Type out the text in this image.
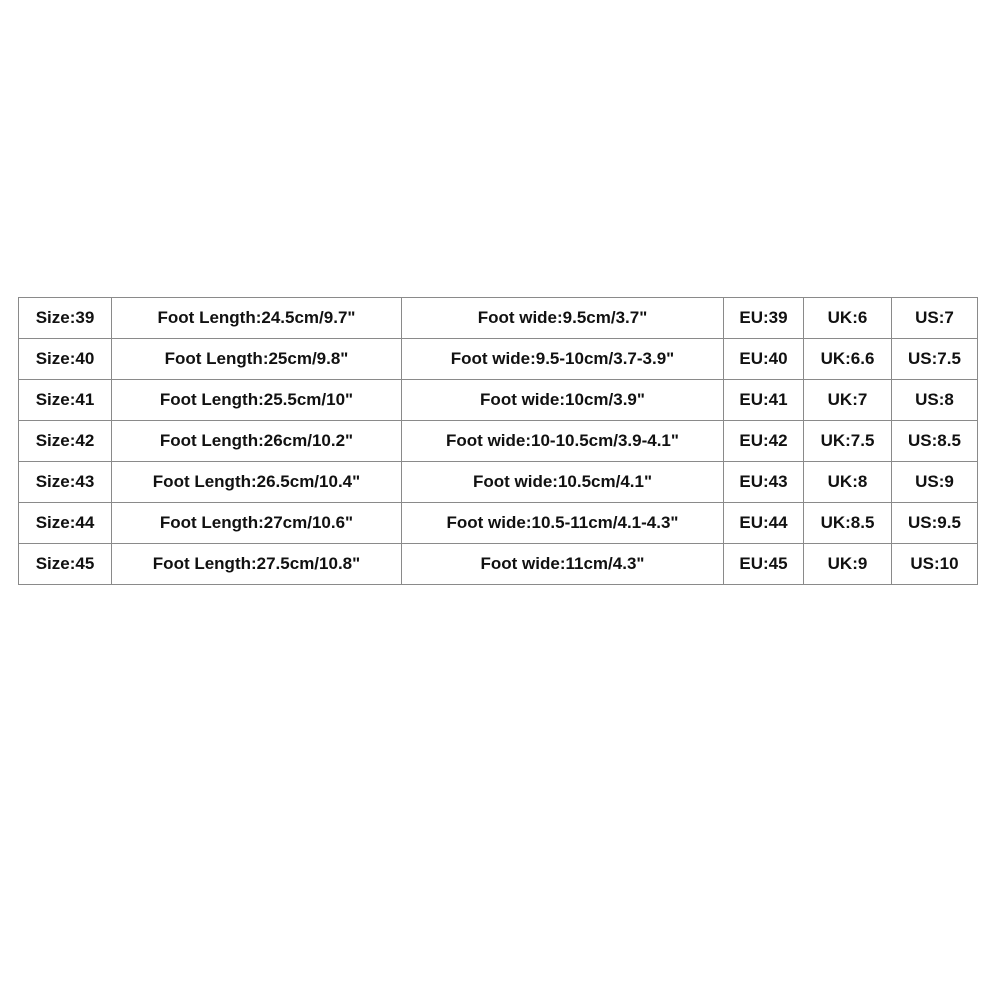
Size:39	Foot Length:24.5cm/9.7"	Foot wide:9.5cm/3.7"	EU:39	UK:6	US:7
Size:40	Foot Length:25cm/9.8"	Foot wide:9.5-10cm/3.7-3.9"	EU:40	UK:6.6	US:7.5
Size:41	Foot Length:25.5cm/10"	Foot wide:10cm/3.9"	EU:41	UK:7	US:8
Size:42	Foot Length:26cm/10.2"	Foot wide:10-10.5cm/3.9-4.1"	EU:42	UK:7.5	US:8.5
Size:43	Foot Length:26.5cm/10.4"	Foot wide:10.5cm/4.1"	EU:43	UK:8	US:9
Size:44	Foot Length:27cm/10.6"	Foot wide:10.5-11cm/4.1-4.3"	EU:44	UK:8.5	US:9.5
Size:45	Foot Length:27.5cm/10.8"	Foot wide:11cm/4.3"	EU:45	UK:9	US:10
